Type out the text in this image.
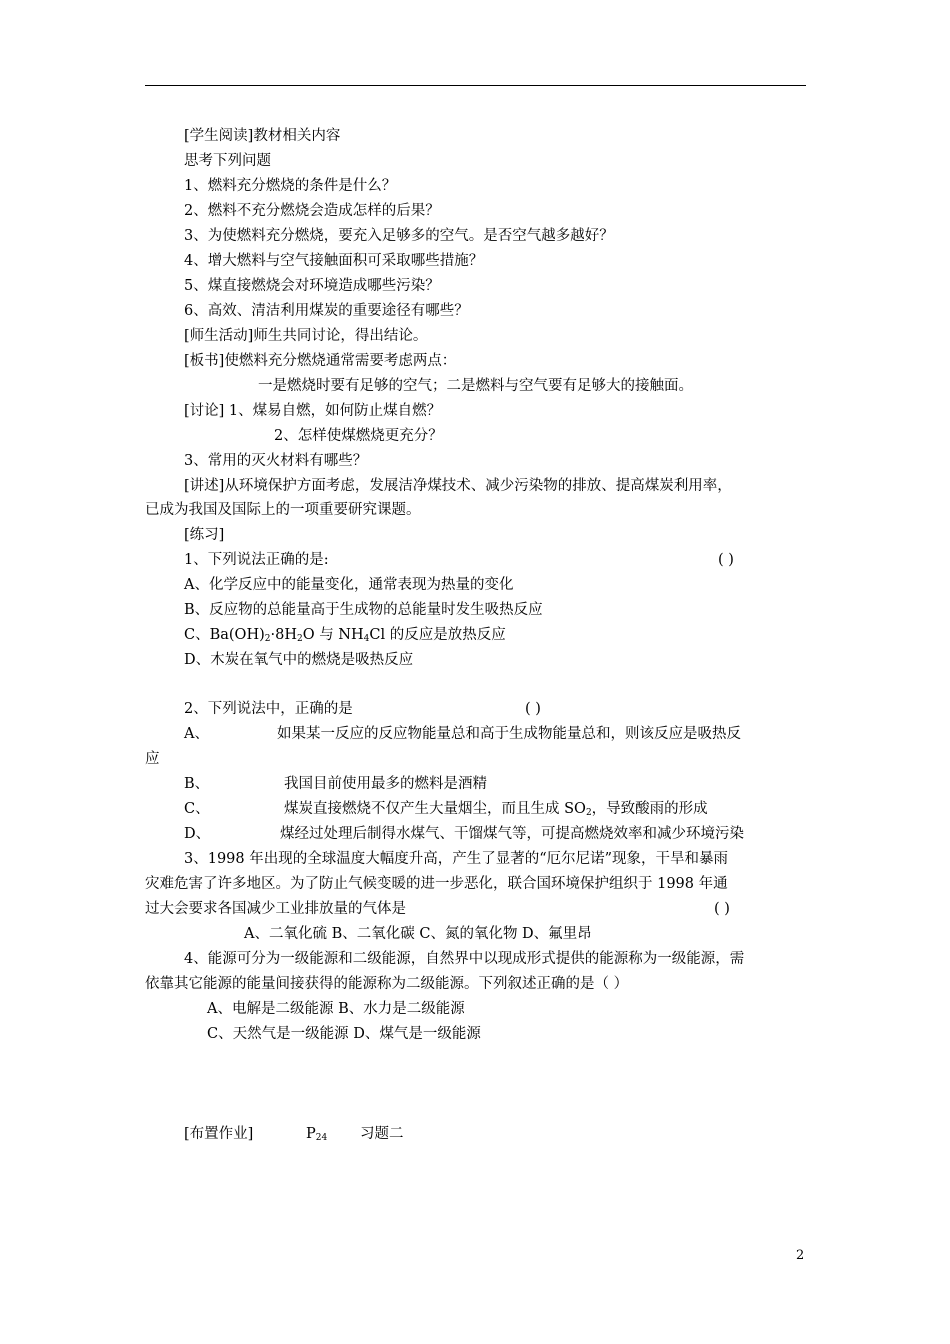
[学生阅读]教材相关内容
思考下列问题
1、燃料充分燃烧的条件是什么？
2、燃料不充分燃烧会造成怎样的后果？
3、为使燃料充分燃烧，要充入足够多的空气。是否空气越多越好？
4、增大燃料与空气接触面积可采取哪些措施？
5、煤直接燃烧会对环境造成哪些污染？
6、高效、清洁利用煤炭的重要途径有哪些？
[师生活动]师生共同讨论，得出结论。
[板书]使燃料充分燃烧通常需要考虑两点：
一是燃烧时要有足够的空气；二是燃料与空气要有足够大的接触面。
[讨论] 1、煤易自燃，如何防止煤自燃？
2、怎样使煤燃烧更充分？
3、常用的灭火材料有哪些？
[讲述]从环境保护方面考虑，发展洁净煤技术、减少污染物的排放、提高煤炭利用率，
已成为我国及国际上的一项重要研究课题。
[练习]
1、下列说法正确的是:	( )
A、化学反应中的能量变化，通常表现为热量的变化
B、反应物的总能量高于生成物的总能量时发生吸热反应
C、$Ba(OH)_2\cdot 8H_2O$ 与 $NH_4Cl$ 的反应是放热反应
D、木炭在氧气中的燃烧是吸热反应
2、下列说法中，正确的是	( )
A、	如果某一反应的反应物能量总和高于生成物能量总和，则该反应是吸热反
应
B、	我国目前使用最多的燃料是酒精
C、	煤炭直接燃烧不仅产生大量烟尘，而且生成 $SO_2$，导致酸雨的形成
D、	煤经过处理后制得水煤气、干馏煤气等，可提高燃烧效率和减少环境污染
3、1998 年出现的全球温度大幅度升高，产生了显著的“厄尔尼诺”现象，干旱和暴雨
灾难危害了许多地区。为了防止气候变暖的进一步恶化，联合国环境保护组织于 1998 年通
过大会要求各国减少工业排放量的气体是	( )
A、二氧化硫 B、二氧化碳 C、氮的氧化物 D、氟里昂
4、能源可分为一级能源和二级能源，自然界中以现成形式提供的能源称为一级能源，需
依靠其它能源的能量间接获得的能源称为二级能源。下列叙述正确的是（ ）
A、电解是二级能源 B、水力是二级能源
C、天然气是一级能源 D、煤气是一级能源
[布置作业]	$P_{24}$ 习题二
2
